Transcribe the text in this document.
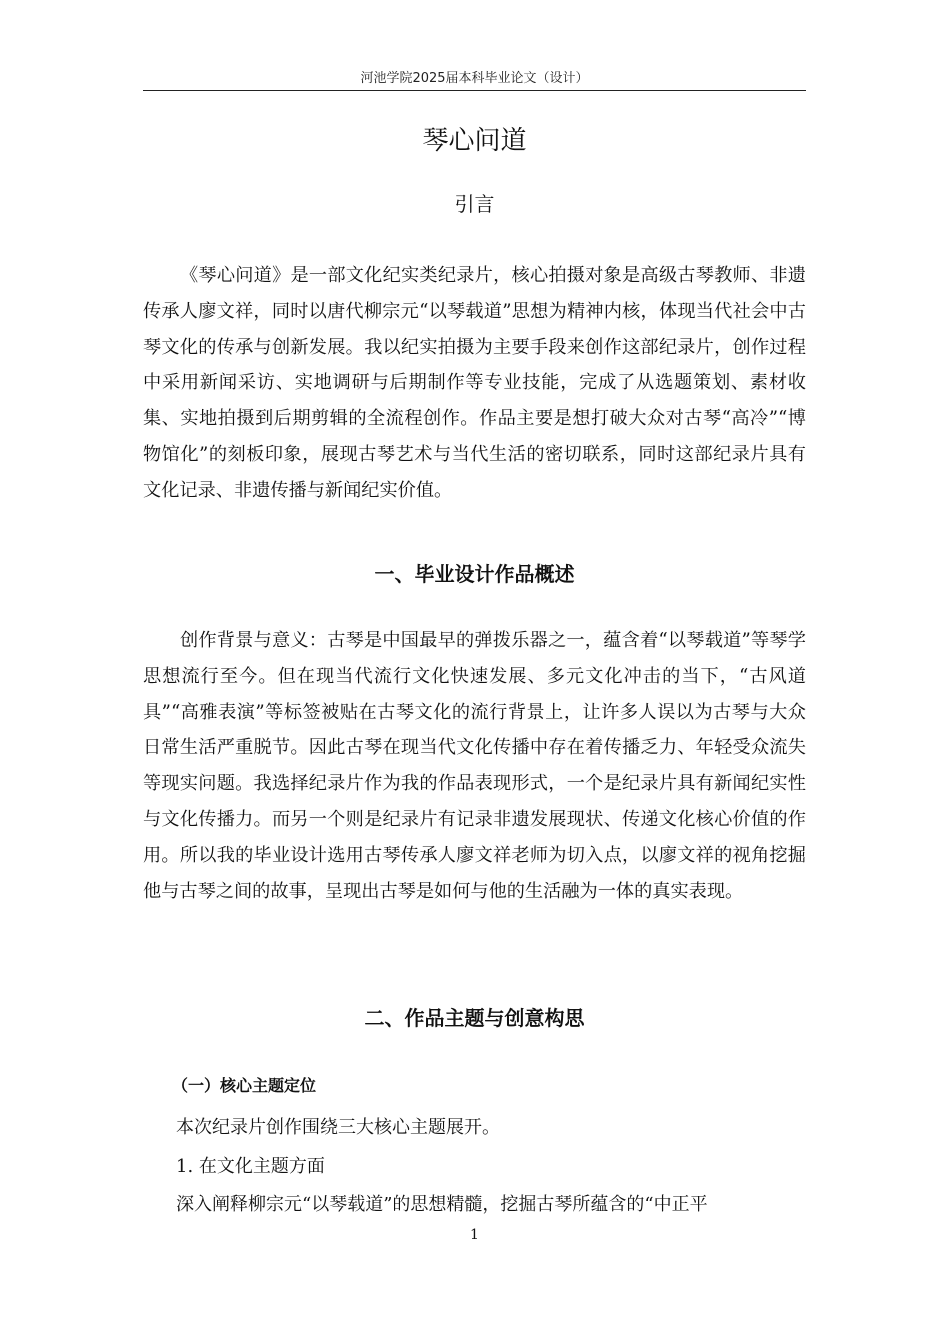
河池学院2025届本科毕业论文（设计）
琴心问道
引言

《琴心问道》是一部文化纪实类纪录片，核心拍摄对象是高级古琴教师、非遗传承人廖文祥，同时以唐代柳宗元“以琴载道”思想为精神内核，体现当代社会中古琴文化的传承与创新发展。我以纪实拍摄为主要手段来创作这部纪录片，创作过程中采用新闻采访、实地调研与后期制作等专业技能，完成了从选题策划、素材收集、实地拍摄到后期剪辑的全流程创作。作品主要是想打破大众对古琴“高冷”“博物馆化”的刻板印象，展现古琴艺术与当代生活的密切联系，同时这部纪录片具有文化记录、非遗传播与新闻纪实价值。

一、毕业设计作品概述

创作背景与意义：古琴是中国最早的弹拨乐器之一，蕴含着“以琴载道”等琴学思想流行至今。但在现当代流行文化快速发展、多元文化冲击的当下，“古风道具”“高雅表演”等标签被贴在古琴文化的流行背景上，让许多人误以为古琴与大众日常生活严重脱节。因此古琴在现当代文化传播中存在着传播乏力、年轻受众流失等现实问题。我选择纪录片作为我的作品表现形式，一个是纪录片具有新闻纪实性与文化传播力。而另一个则是纪录片有记录非遗发展现状、传递文化核心价值的作用。所以我的毕业设计选用古琴传承人廖文祥老师为切入点，以廖文祥的视角挖掘他与古琴之间的故事，呈现出古琴是如何与他的生活融为一体的真实表现。

二、作品主题与创意构思
（一）核心主题定位
本次纪录片创作围绕三大核心主题展开。
1. 在文化主题方面
深入阐释柳宗元“以琴载道”的思想精髓，挖掘古琴所蕴含的“中正平
1
